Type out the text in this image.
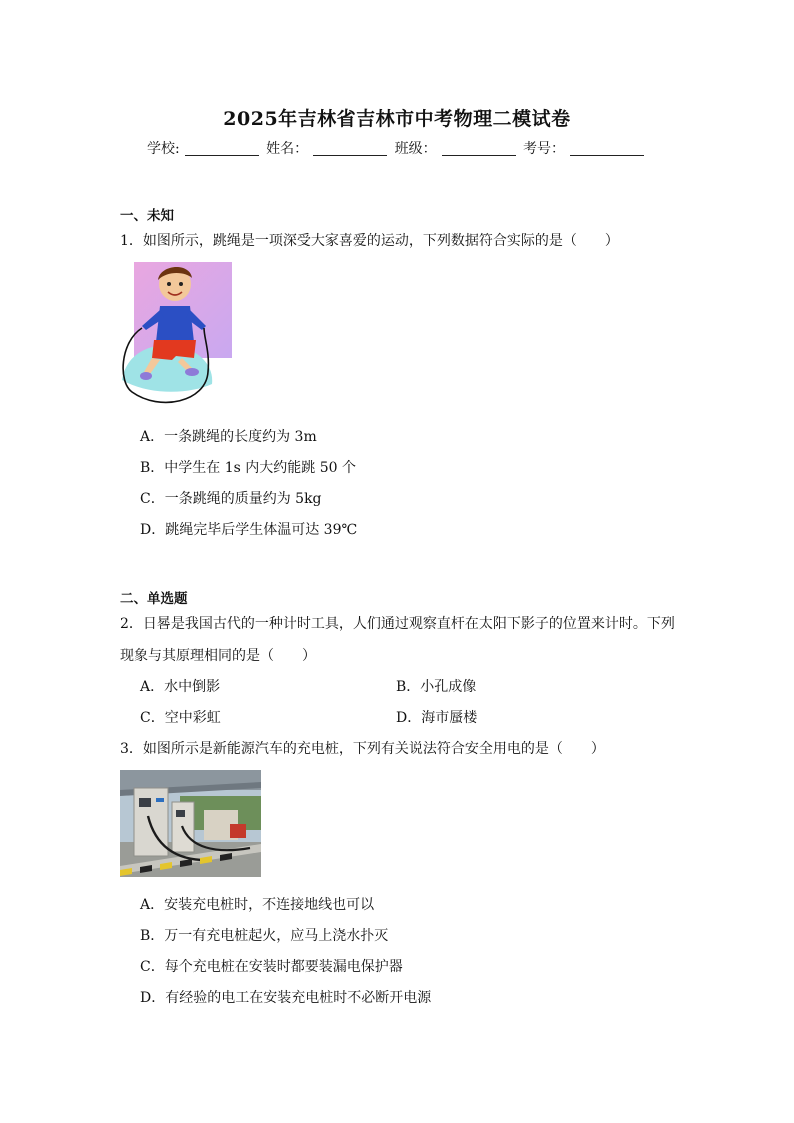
2025年吉林省吉林市中考物理二模试卷
学校:	姓名：	班级：	考号：
一、未知
1．如图所示，跳绳是一项深受大家喜爱的运动，下列数据符合实际的是（　　）
A．一条跳绳的长度约为 3m
B．中学生在 1s 内大约能跳 50 个
C．一条跳绳的质量约为 5kg
D．跳绳完毕后学生体温可达 39℃
二、单选题
2．日晷是我国古代的一种计时工具，人们通过观察直杆在太阳下影子的位置来计时。下列
现象与其原理相同的是（　　）
A．水中倒影	B．小孔成像
C．空中彩虹	D．海市蜃楼
3．如图所示是新能源汽车的充电桩，下列有关说法符合安全用电的是（　　）
A．安装充电桩时，不连接地线也可以
B．万一有充电桩起火，应马上浇水扑灭
C．每个充电桩在安装时都要装漏电保护器
D．有经验的电工在安装充电桩时不必断开电源
